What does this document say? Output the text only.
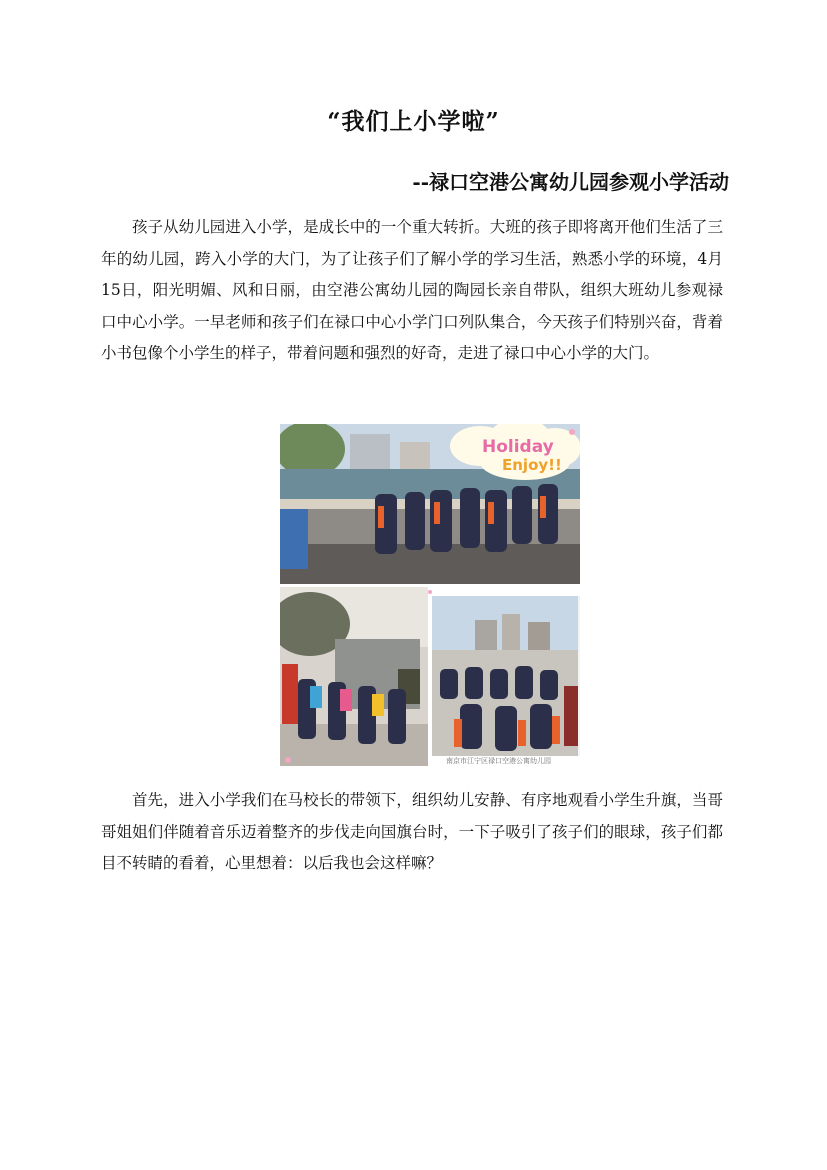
“我们上小学啦”
--禄口空港公寓幼儿园参观小学活动

孩子从幼儿园进入小学，是成长中的一个重大转折。大班的孩子即将离开他们生活了三年的幼儿园，跨入小学的大门，为了让孩子们了解小学的学习生活，熟悉小学的环境，4月15日，阳光明媚、风和日丽，由空港公寓幼儿园的陶园长亲自带队，组织大班幼儿参观禄口中心小学。一早老师和孩子们在禄口中心小学门口列队集合，今天孩子们特别兴奋，背着小书包像个小学生的样子，带着问题和强烈的好奇，走进了禄口中心小学的大门。

Holiday
Enjoy!!
南京市江宁区禄口空港公寓幼儿园

首先，进入小学我们在马校长的带领下，组织幼儿安静、有序地观看小学生升旗，当哥哥姐姐们伴随着音乐迈着整齐的步伐走向国旗台时，一下子吸引了孩子们的眼球，孩子们都目不转睛的看着，心里想着：以后我也会这样嘛？
